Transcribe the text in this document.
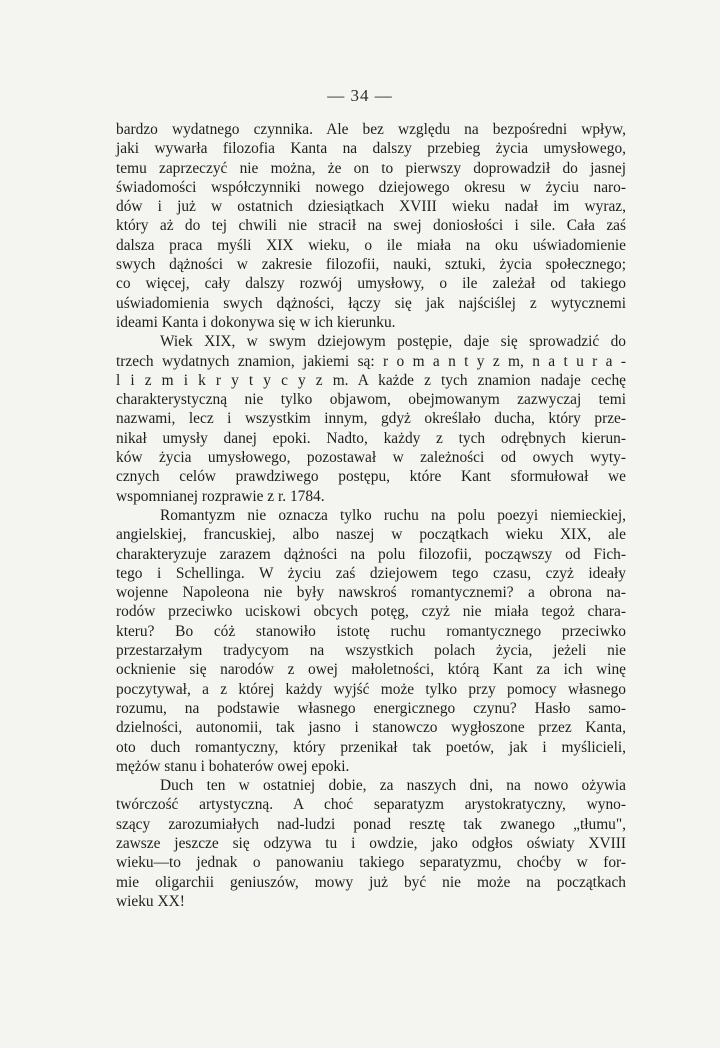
— 34 —
bardzo wydatnego czynnika. Ale bez względu na bezpośredni wpływ,
jaki wywarła filozofia Kanta na dalszy przebieg życia umysłowego,
temu zaprzeczyć nie można, że on to pierwszy doprowadził do jasnej
świadomości współczynniki nowego dziejowego okresu w życiu naro-
dów i już w ostatnich dziesiątkach XVIII wieku nadał im wyraz,
który aż do tej chwili nie stracił na swej doniosłości i sile. Cała zaś
dalsza praca myśli XIX wieku, o ile miała na oku uświadomienie
swych dążności w zakresie filozofii, nauki, sztuki, życia społecznego;
co więcej, cały dalszy rozwój umysłowy, o ile zależał od takiego
uświadomienia swych dążności, łączy się jak najściślej z wytycznemi
ideami Kanta i dokonywa się w ich kierunku.
Wiek XIX, w swym dziejowym postępie, daje się sprowadzić do
trzech wydatnych znamion, jakiemi są: r o m a n t y z m, n a t u r a -
l i z m i k r y t y c y z m. A każde z tych znamion nadaje cechę
charakterystyczną nie tylko objawom, obejmowanym zazwyczaj temi
nazwami, lecz i wszystkim innym, gdyż określało ducha, który prze-
nikał umysły danej epoki. Nadto, każdy z tych odrębnych kierun-
ków życia umysłowego, pozostawał w zależności od owych wyty-
cznych celów prawdziwego postępu, które Kant sformułował we
wspomnianej rozprawie z r. 1784.
Romantyzm nie oznacza tylko ruchu na polu poezyi niemieckiej,
angielskiej, francuskiej, albo naszej w początkach wieku XIX, ale
charakteryzuje zarazem dążności na polu filozofii, począwszy od Fich-
tego i Schellinga. W życiu zaś dziejowem tego czasu, czyż ideały
wojenne Napoleona nie były nawskroś romantycznemi? a obrona na-
rodów przeciwko uciskowi obcych potęg, czyż nie miała tegoż chara-
kteru? Bo cóż stanowiło istotę ruchu romantycznego przeciwko
przestarzałym tradycyom na wszystkich polach życia, jeżeli nie
ocknienie się narodów z owej małoletności, którą Kant za ich winę
poczytywał, a z której każdy wyjść może tylko przy pomocy własnego
rozumu, na podstawie własnego energicznego czynu? Hasło samo-
dzielności, autonomii, tak jasno i stanowczo wygłoszone przez Kanta,
oto duch romantyczny, który przenikał tak poetów, jak i myślicieli,
mężów stanu i bohaterów owej epoki.
Duch ten w ostatniej dobie, za naszych dni, na nowo ożywia
twórczość artystyczną. A choć separatyzm arystokratyczny, wyno-
szący zarozumiałych nad-ludzi ponad resztę tak zwanego „tłumu",
zawsze jeszcze się odzywa tu i owdzie, jako odgłos oświaty XVIII
wieku—to jednak o panowaniu takiego separatyzmu, choćby w for-
mie oligarchii geniuszów, mowy już być nie może na początkach
wieku XX!
